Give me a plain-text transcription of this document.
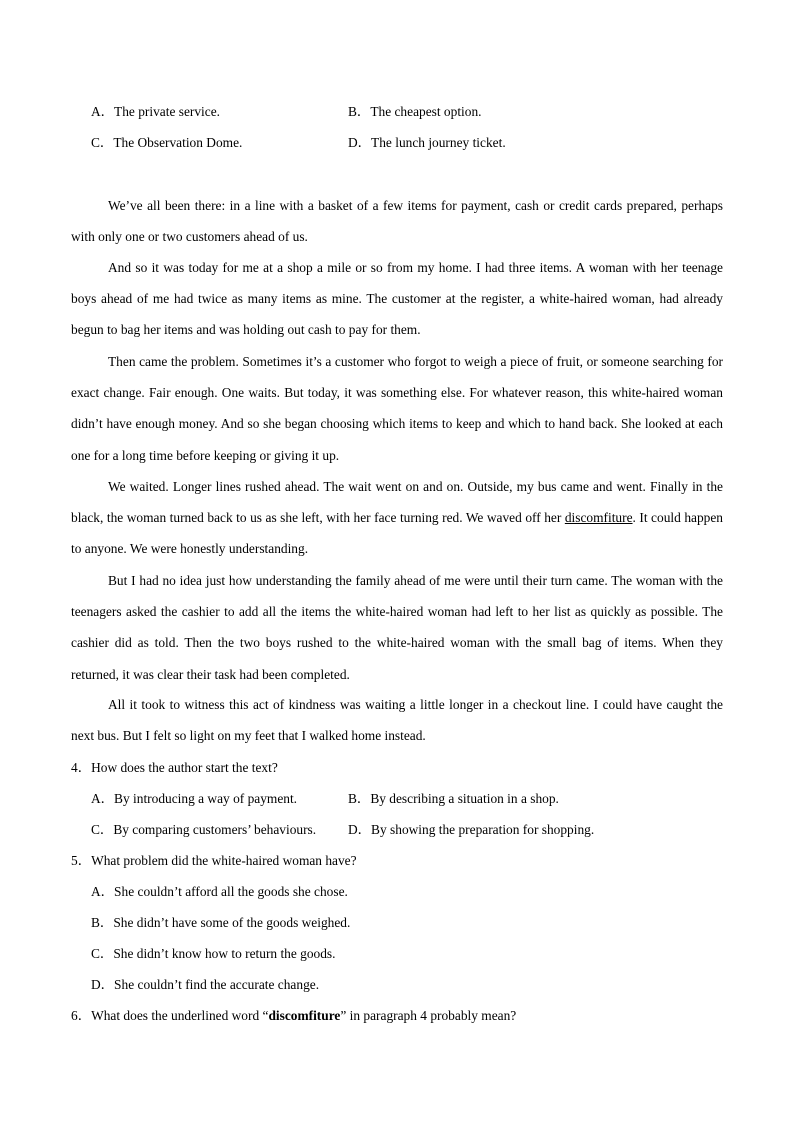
A．The private service.	B．The cheapest option.
C．The Observation Dome.	D．The lunch journey ticket.
We’ve all been there: in a line with a basket of a few items for payment, cash or credit cards prepared, perhaps with only one or two customers ahead of us.
And so it was today for me at a shop a mile or so from my home. I had three items. A woman with her teenage boys ahead of me had twice as many items as mine. The customer at the register, a white-haired woman, had already begun to bag her items and was holding out cash to pay for them.
Then came the problem. Sometimes it’s a customer who forgot to weigh a piece of fruit, or someone searching for exact change. Fair enough. One waits. But today, it was something else. For whatever reason, this white-haired woman didn’t have enough money. And so she began choosing which items to keep and which to hand back. She looked at each one for a long time before keeping or giving it up.
We waited. Longer lines rushed ahead. The wait went on and on. Outside, my bus came and went. Finally in the black, the woman turned back to us as she left, with her face turning red. We waved off her discomfiture. It could happen to anyone. We were honestly understanding.
But I had no idea just how understanding the family ahead of me were until their turn came. The woman with the teenagers asked the cashier to add all the items the white-haired woman had left to her list as quickly as possible. The cashier did as told. Then the two boys rushed to the white-haired woman with the small bag of items. When they returned, it was clear their task had been completed.
All it took to witness this act of kindness was waiting a little longer in a checkout line. I could have caught the next bus. But I felt so light on my feet that I walked home instead.
4．How does the author start the text?
A．By introducing a way of payment.	B．By describing a situation in a shop.
C．By comparing customers’ behaviours. D．By showing the preparation for shopping.
5．What problem did the white-haired woman have?
A．She couldn’t afford all the goods she chose.
B．She didn’t have some of the goods weighed.
C．She didn’t know how to return the goods.
D．She couldn’t find the accurate change.
6．What does the underlined word “discomfiture” in paragraph 4 probably mean?
